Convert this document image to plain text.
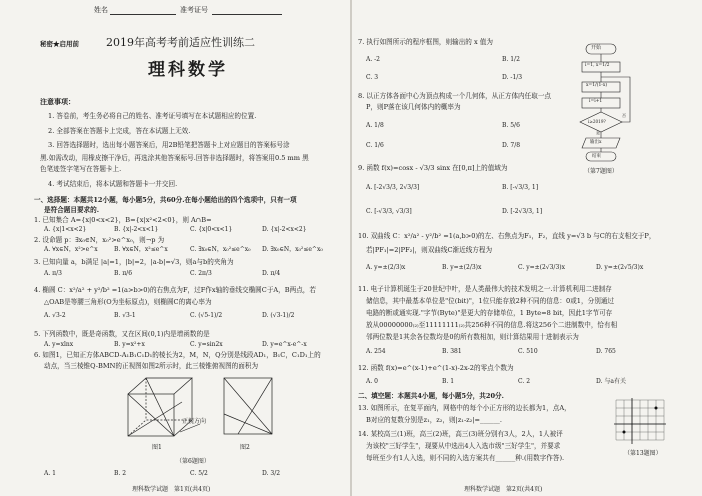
姓名	准考证号
秘密★启用前 2019年高考考前适应性训练二
理科数学
注意事项：
1. 答卷前，考生务必将自己的姓名、准考证号填写在本试题相应的位置.
2. 全部答案在答题卡上完成，答在本试题上无效.
3. 回答选择题时，选出每小题答案后，用2B铅笔把答题卡上对应题目的答案标号涂
黑.如需改动，用橡皮擦干净后，再选涂其他答案标号.回答非选择题时，将答案用0.5 mm 黑
色笔迹签字笔写在答题卡上.
4. 考试结束后，将本试题和答题卡一并交回.
一、选择题：本题共12小题，每小题5分，共60分.在每小题给出的四个选项中，只有一项
是符合题目要求的.
1. 已知集合 A={x|0<x<2}，B={x|x²<2<0}，则 A∩B=
A. {x|1<x<2}	B. {x|-2<x<1}	C. {x|0<x<1}	D. {x|-2<x<2}
2. 设命题 p：∃x₀∈N，x₀²>e^x₀，则¬p 为
A. ∀x∈N，x²>e^x	B. ∀x∈N，x²≤e^x	C. ∃x₀∈N，x₀²≤e^x₀ D. ∃x₀∈N，x₀²≤e^x₀
3. 已知向量 a，b满足 |a|=1，|b|=2，|a-b|=√3，则a与b的夹角为
A. π/3	B. π/6	C. 2π/3	D. π/4
4. 椭圆 C：x²/a² + y²/b² =1(a>b>0)的右焦点为F，过F作x轴的垂线交椭圆C于A，B两点，若
△OAB是等腰三角形(O为坐标原点)，则椭圆C的离心率为
A. √3-2	B. √3-1	C. (√5-1)/2	D. (√3-1)/2
5. 下列函数中，既是奇函数，又在区间(0,1)内是增函数的是
A. y=xlnx	B. y=x²+x	C. y=sin2x	D. y=e^x-e^-x
6. 如图1，已知正方体ABCD-A₁B₁C₁D₁的棱长为2，M，N，Q分别是线段AD₁，B₁C，C₁D₁上的
动点，当三棱锥Q-BMN的正视图如图2所示时，此三棱锥俯视图的面积为
正视方向
图1	图2
（第6题图）
A. 1	B. 2	C. 5/2	D. 3/2
理科数学试题　第1页(共4页)
7. 执行如图所示的程序框图，则输出的 x 值为
A. -2	B. 1/2
C. 3	D. -1/3
开始
i=1, x=1/2
x=1/(1-x)
i=i+1
i≥2019?
输出x
结束
是
否
（第7题图）
8. 以正方体各面中心为顶点构成一个几何体，从正方体内任取一点
P，则P落在该几何体内的概率为
A. 1/8	B. 5/6
C. 1/6	D. 7/8
9. 函数 f(x)=cosx - √3/3 sinx 在[0,π]上的值域为
A. [-2√3/3, 2√3/3]	B. [-√3/3, 1]
C. [-√3/3, √3/3]	D. [-2√3/3, 1]
10. 双曲线 C：x²/a² - y²/b² =1(a,b>0)的左、右焦点为F₁，F₂，直线 y=√3 b 与C的右支相交于P，
若|PF₁|=2|PF₂|，则双曲线C渐近线方程为
A. y=±(2/3)x	B. y=±(2/3)x	C. y=±(2√3/3)x	D. y=±(2√5/3)x
11. 电子计算机诞生于20世纪中叶，是人类最伟大的技术发明之一.计算机利用二进制存
储信息，其中最基本单位是"位(bit)"，1位只能存放2种不同的信息：0或1，分别通过
电路的断或通实现."字节(Byte)"是更大的存储单位，1 Byte=8 bit，因此1字节可存
放从00000000₍₂₎至11111111₍₂₎共256种不同的信息.将这256个二进制数中，恰有相
邻两位数是1其余各位数均是0的所有数相加，则计算结果用十进制表示为
A. 254	B. 381	C. 510	D. 765
12. 函数 f(x)=e^(x-1)+e^(1-x)-2x-2的零点个数为
A. 0	B. 1	C. 2	D. 与a有关
二、填空题：本题共4小题，每小题5分，共20分.
13. 如图所示，在复平面内，网格中的每个小正方形的边长都为1，点A，
B对应的复数分别是z₁，z₂，则|z₁-z₂|=______.
（第13题图）
14. 某校高三(1)班，高三(2)班，高三(3)班分别有3人，2人，1人被评
为该校"三好学生"，现要从中选出4人入选市级"三好学生"，并要求
每班至少有1人入选，则不同的入选方案共有______种.(用数字作答).
理科数学试题　第2页(共4页)
